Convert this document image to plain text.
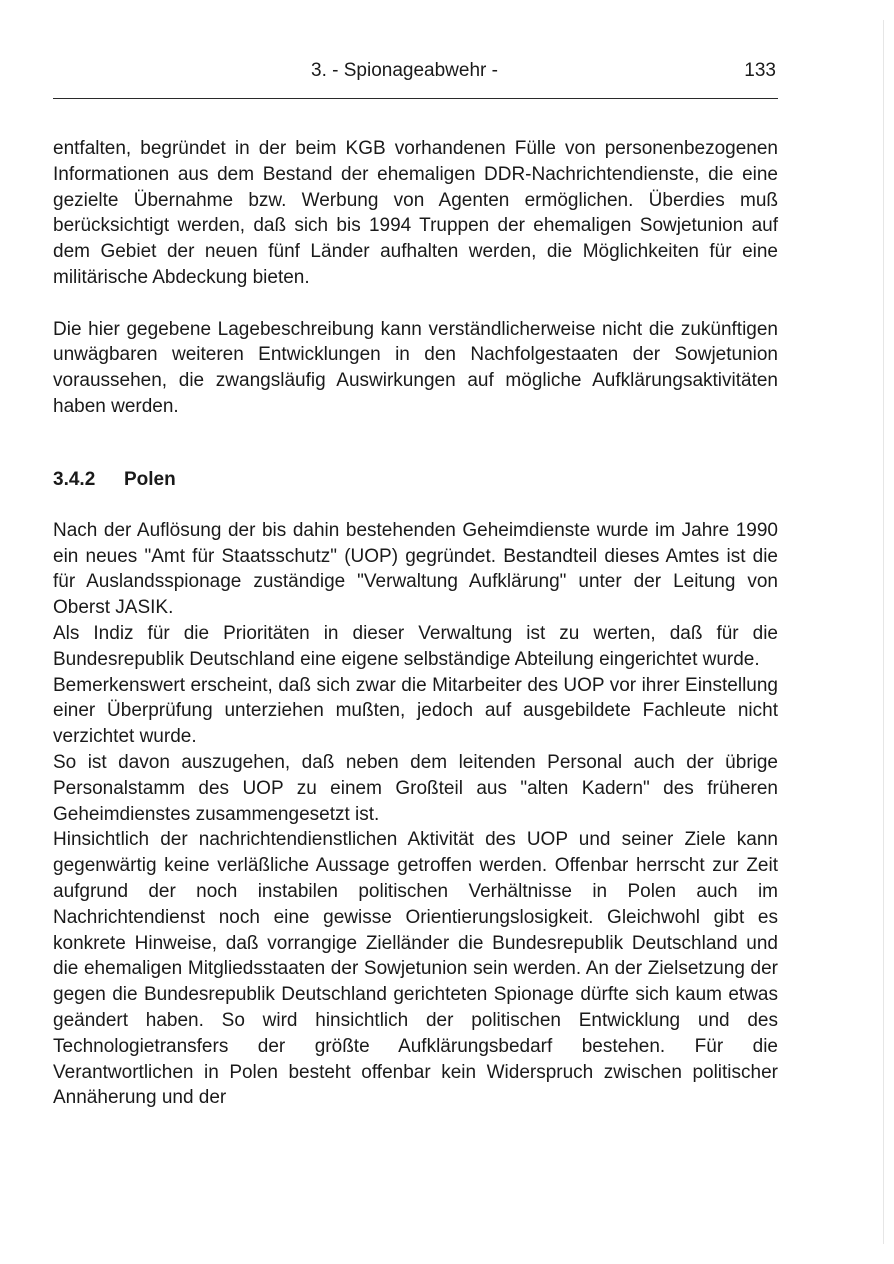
3. - Spionageabwehr -	133

entfalten, begründet in der beim KGB vorhandenen Fülle von personenbezogenen Informationen aus dem Bestand der ehemaligen DDR-Nachrichtendienste, die eine gezielte Übernahme bzw. Werbung von Agenten ermöglichen. Überdies muß berücksichtigt werden, daß sich bis 1994 Truppen der ehemaligen Sowjetunion auf dem Gebiet der neuen fünf Länder aufhalten werden, die Möglichkeiten für eine militärische Abdeckung bieten.

Die hier gegebene Lagebeschreibung kann verständlicherweise nicht die zukünftigen unwägbaren weiteren Entwicklungen in den Nachfolgestaaten der Sowjetunion voraussehen, die zwangsläufig Auswirkungen auf mögliche Aufklärungsaktivitäten haben werden.

3.4.2 Polen

Nach der Auflösung der bis dahin bestehenden Geheimdienste wurde im Jahre 1990 ein neues "Amt für Staatsschutz" (UOP) gegründet. Bestandteil dieses Amtes ist die für Auslandsspionage zuständige "Verwaltung Aufklärung" unter der Leitung von Oberst JASIK.

Als Indiz für die Prioritäten in dieser Verwaltung ist zu werten, daß für die Bundesrepublik Deutschland eine eigene selbständige Abteilung eingerichtet wurde.

Bemerkenswert erscheint, daß sich zwar die Mitarbeiter des UOP vor ihrer Einstellung einer Überprüfung unterziehen mußten, jedoch auf ausgebildete Fachleute nicht verzichtet wurde.

So ist davon auszugehen, daß neben dem leitenden Personal auch der übrige Personalstamm des UOP zu einem Großteil aus "alten Kadern" des früheren Geheimdienstes zusammengesetzt ist.

Hinsichtlich der nachrichtendienstlichen Aktivität des UOP und seiner Ziele kann gegenwärtig keine verläßliche Aussage getroffen werden. Offenbar herrscht zur Zeit aufgrund der noch instabilen politischen Verhältnisse in Polen auch im Nachrichtendienst noch eine gewisse Orientierungslosigkeit. Gleichwohl gibt es konkrete Hinweise, daß vorrangige Zielländer die Bundesrepublik Deutschland und die ehemaligen Mitgliedsstaaten der Sowjetunion sein werden. An der Zielsetzung der gegen die Bundesrepublik Deutschland gerichteten Spionage dürfte sich kaum etwas geändert haben. So wird hinsichtlich der politischen Entwicklung und des Technologietransfers der größte Aufklärungsbedarf bestehen. Für die Verantwortlichen in Polen besteht offenbar kein Widerspruch zwischen politischer Annäherung und der
